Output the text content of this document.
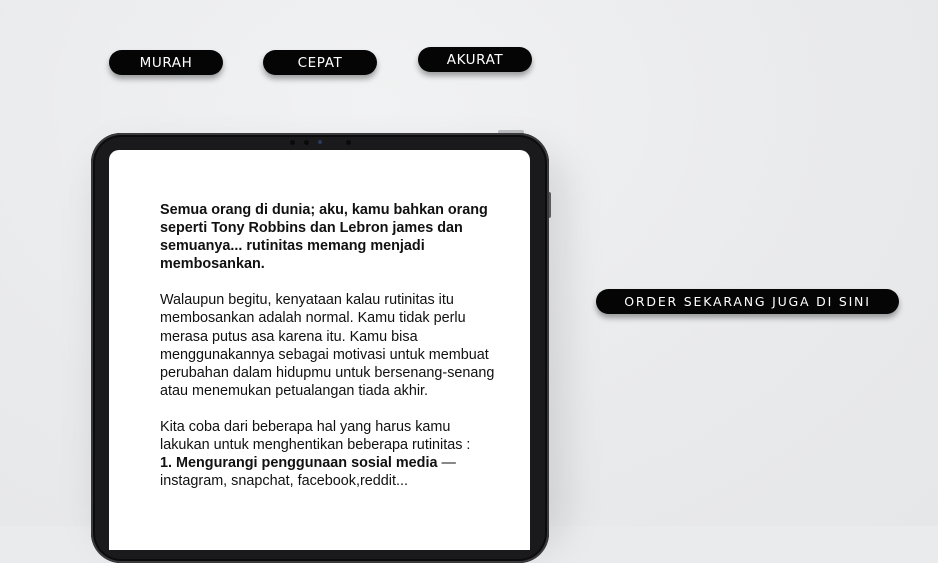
MURAH	CEPAT	AKURAT

Semua orang di dunia; aku, kamu bahkan orang seperti Tony Robbins dan Lebron james dan semuanya... rutinitas memang menjadi membosankan.

Walaupun begitu, kenyataan kalau rutinitas itu membosankan adalah normal. Kamu tidak perlu merasa putus asa karena itu. Kamu bisa menggunakannya sebagai motivasi untuk membuat perubahan dalam hidupmu untuk bersenang-senang atau menemukan petualangan tiada akhir.

Kita coba dari beberapa hal yang harus kamu lakukan untuk menghentikan beberapa rutinitas :

1. Mengurangi penggunaan sosial media —

instagram, snapchat, facebook,reddit...

ORDER SEKARANG JUGA DI SINI
